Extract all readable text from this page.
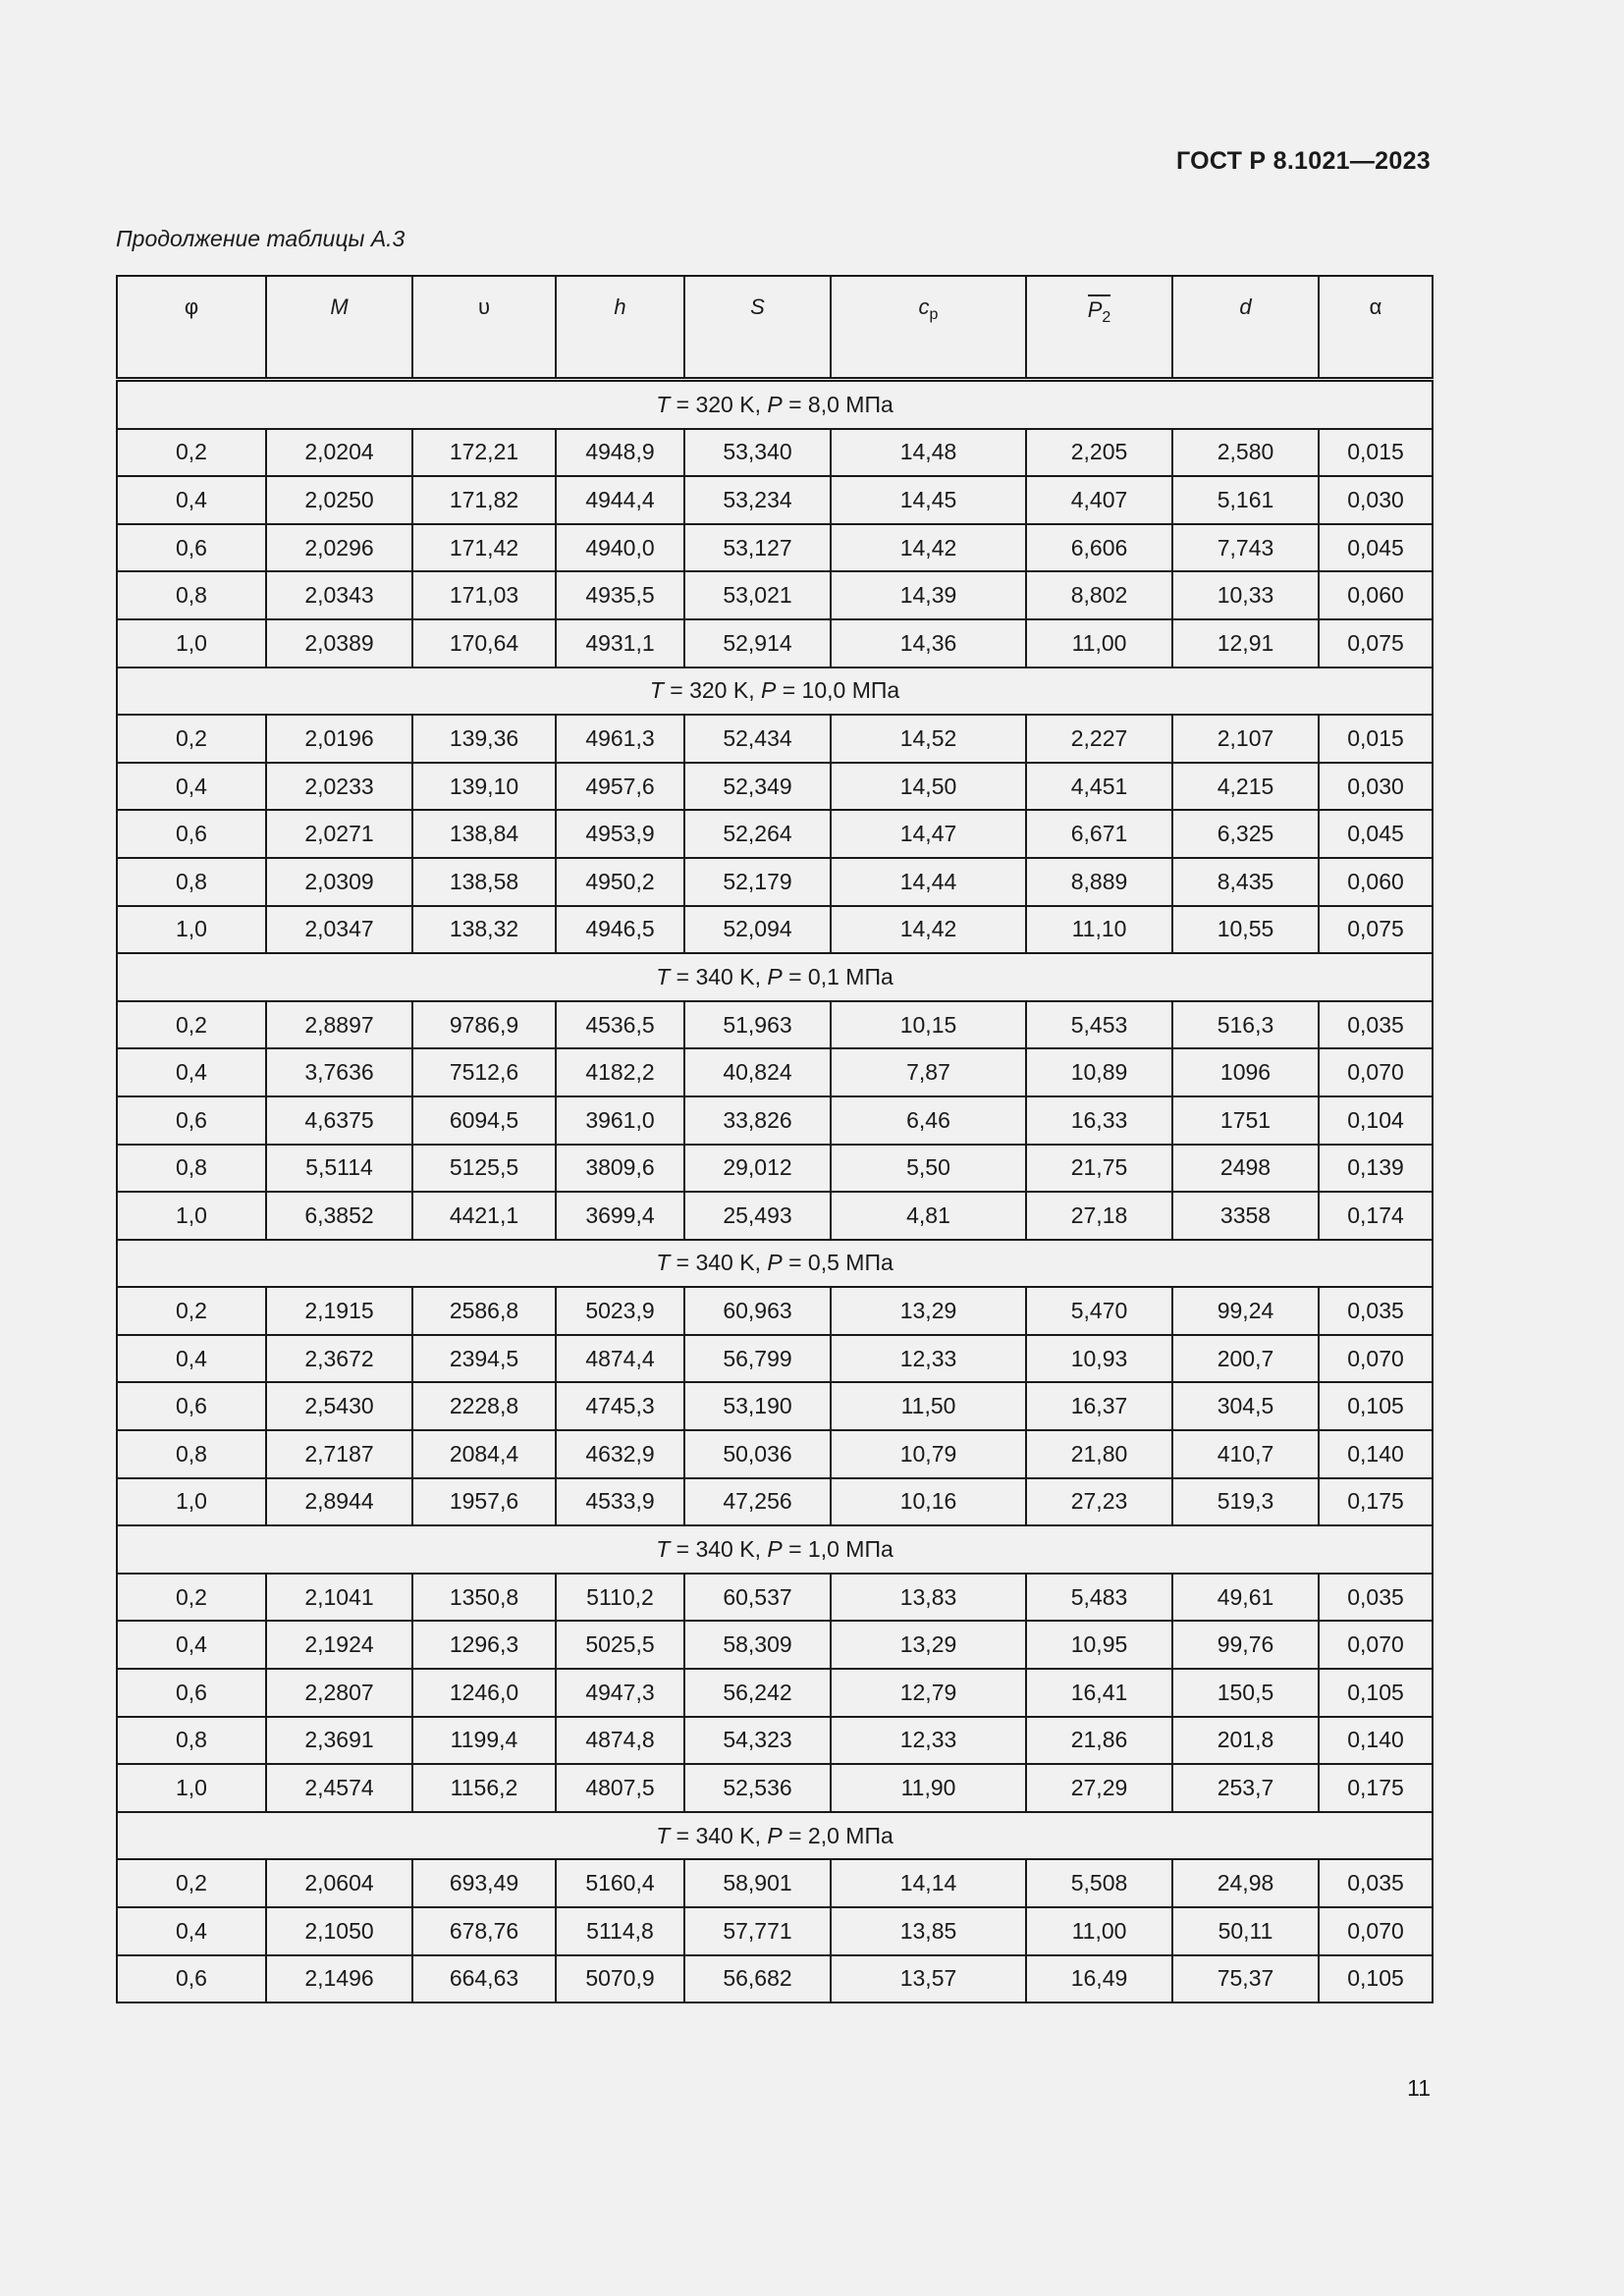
ГОСТ Р 8.1021—2023
Продолжение таблицы А.3
φ	M	υ	h	S	$c_p$	$P_2$	d	α
T = 320 K, P = 8,0 МПа								
0,2	2,0204	172,21	4948,9	53,340	14,48	2,205	2,580	0,015
0,4	2,0250	171,82	4944,4	53,234	14,45	4,407	5,161	0,030
0,6	2,0296	171,42	4940,0	53,127	14,42	6,606	7,743	0,045
0,8	2,0343	171,03	4935,5	53,021	14,39	8,802	10,33	0,060
1,0	2,0389	170,64	4931,1	52,914	14,36	11,00	12,91	0,075
T = 320 K, P = 10,0 МПа								
0,2	2,0196	139,36	4961,3	52,434	14,52	2,227	2,107	0,015
0,4	2,0233	139,10	4957,6	52,349	14,50	4,451	4,215	0,030
0,6	2,0271	138,84	4953,9	52,264	14,47	6,671	6,325	0,045
0,8	2,0309	138,58	4950,2	52,179	14,44	8,889	8,435	0,060
1,0	2,0347	138,32	4946,5	52,094	14,42	11,10	10,55	0,075
T = 340 K, P = 0,1 МПа								
0,2	2,8897	9786,9	4536,5	51,963	10,15	5,453	516,3	0,035
0,4	3,7636	7512,6	4182,2	40,824	7,87	10,89	1096	0,070
0,6	4,6375	6094,5	3961,0	33,826	6,46	16,33	1751	0,104
0,8	5,5114	5125,5	3809,6	29,012	5,50	21,75	2498	0,139
1,0	6,3852	4421,1	3699,4	25,493	4,81	27,18	3358	0,174
T = 340 K, P = 0,5 МПа								
0,2	2,1915	2586,8	5023,9	60,963	13,29	5,470	99,24	0,035
0,4	2,3672	2394,5	4874,4	56,799	12,33	10,93	200,7	0,070
0,6	2,5430	2228,8	4745,3	53,190	11,50	16,37	304,5	0,105
0,8	2,7187	2084,4	4632,9	50,036	10,79	21,80	410,7	0,140
1,0	2,8944	1957,6	4533,9	47,256	10,16	27,23	519,3	0,175
T = 340 K, P = 1,0 МПа								
0,2	2,1041	1350,8	5110,2	60,537	13,83	5,483	49,61	0,035
0,4	2,1924	1296,3	5025,5	58,309	13,29	10,95	99,76	0,070
0,6	2,2807	1246,0	4947,3	56,242	12,79	16,41	150,5	0,105
0,8	2,3691	1199,4	4874,8	54,323	12,33	21,86	201,8	0,140
1,0	2,4574	1156,2	4807,5	52,536	11,90	27,29	253,7	0,175
T = 340 K, P = 2,0 МПа								
0,2	2,0604	693,49	5160,4	58,901	14,14	5,508	24,98	0,035
0,4	2,1050	678,76	5114,8	57,771	13,85	11,00	50,11	0,070
0,6	2,1496	664,63	5070,9	56,682	13,57	16,49	75,37	0,105
11
